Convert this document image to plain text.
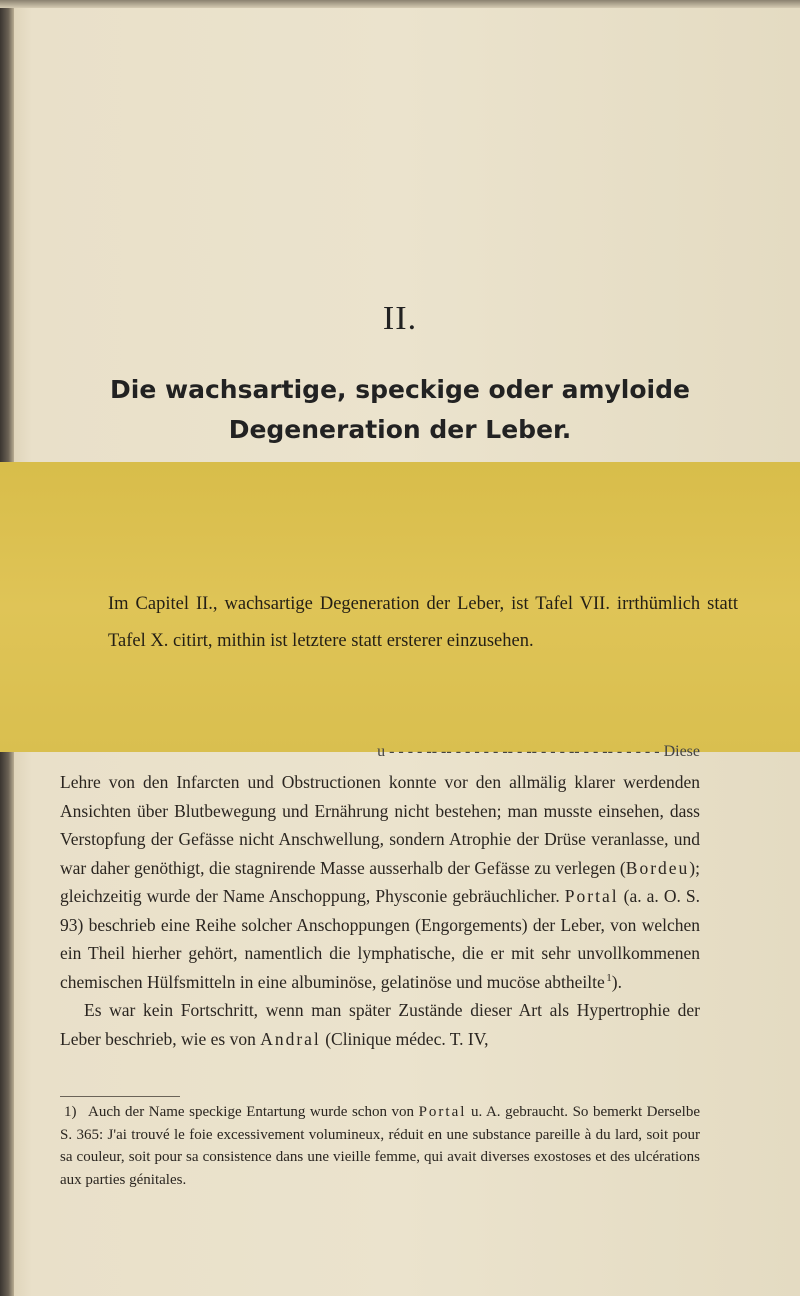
II.
Die wachsartige, speckige oder amyloide
Degeneration der Leber.
Im Capitel II., wachsartige Degeneration der Leber, ist Tafel VII. irrthümlich statt Tafel X. citirt, mithin ist letztere statt ersterer einzusehen.
u - - - - -- -- - - - - - -- - -- - - - -- - - -- - - - - - Diese

Lehre von den Infarcten und Obstructionen konnte vor den allmälig klarer werdenden Ansichten über Blutbewegung und Ernährung nicht bestehen; man musste einsehen, dass Verstopfung der Gefässe nicht Anschwellung, sondern Atrophie der Drüse veranlasse, und war daher genöthigt, die stagnirende Masse ausserhalb der Gefässe zu verlegen (Bordeu); gleichzeitig wurde der Name Anschoppung, Physconie gebräuchlicher. Portal (a. a. O. S. 93) beschrieb eine Reihe solcher Anschoppungen (Engorgements) der Leber, von welchen ein Theil hierher gehört, namentlich die lymphatische, die er mit sehr unvollkommenen chemischen Hülfsmitteln in eine albuminöse, gelatinöse und mucöse abtheilte $^1$).

Es war kein Fortschritt, wenn man später Zustände dieser Art als Hypertrophie der Leber beschrieb, wie es von Andral (Clinique médec. T. IV,

1) Auch der Name speckige Entartung wurde schon von Portal u. A. gebraucht. So bemerkt Derselbe S. 365: J'ai trouvé le foie excessivement volumineux, réduit en une substance pareille à du lard, soit pour sa couleur, soit pour sa consistence dans une vieille femme, qui avait diverses exostoses et des ulcérations aux parties génitales.
